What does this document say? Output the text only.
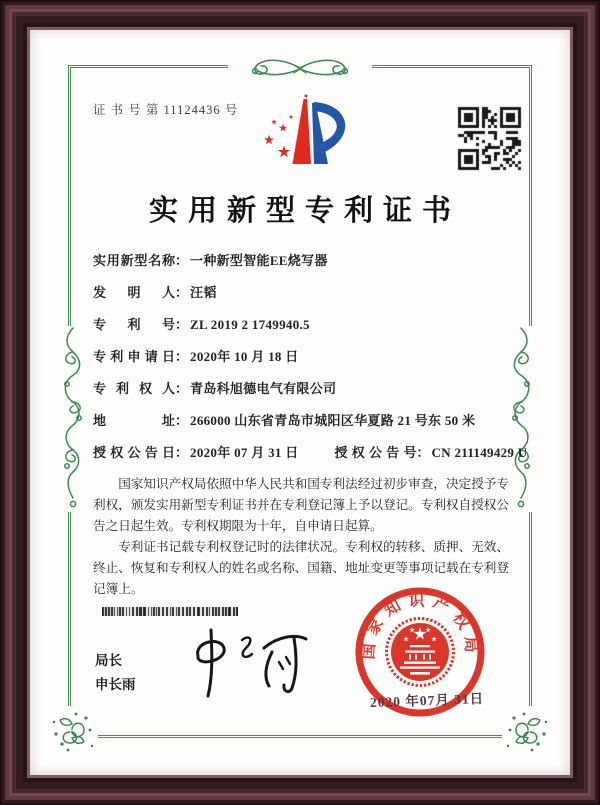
证 书 号 第 11124436 号
实用新型专利证书
实用新型名称： 一种新型智能EE烧写器
发明人： 汪韬
专利号： ZL 2019 2 1749940.5
专利申请日： 2020年 10 月 18 日
专利权人： 青岛科旭德电气有限公司
地址： 266000 山东省青岛市城阳区华夏路 21 号东 50 米
授权公告日： 2020年 07 月 31 日	授权公告号： CN 211149429 U

国家知识产权局依照中华人民共和国专利法经过初步审查，决定授予专利权，颁发实用新型专利证书并在专利登记簿上予以登记。专利权自授权公告之日起生效。专利权期限为十年，自申请日起算。

专利证书记载专利权登记时的法律状况。专利权的转移、质押、无效、终止、恢复和专利权人的姓名或名称、国籍、地址变更等事项记载在专利登记簿上。

局长
申长雨
国家知识产权局
2020 年07月 31日
